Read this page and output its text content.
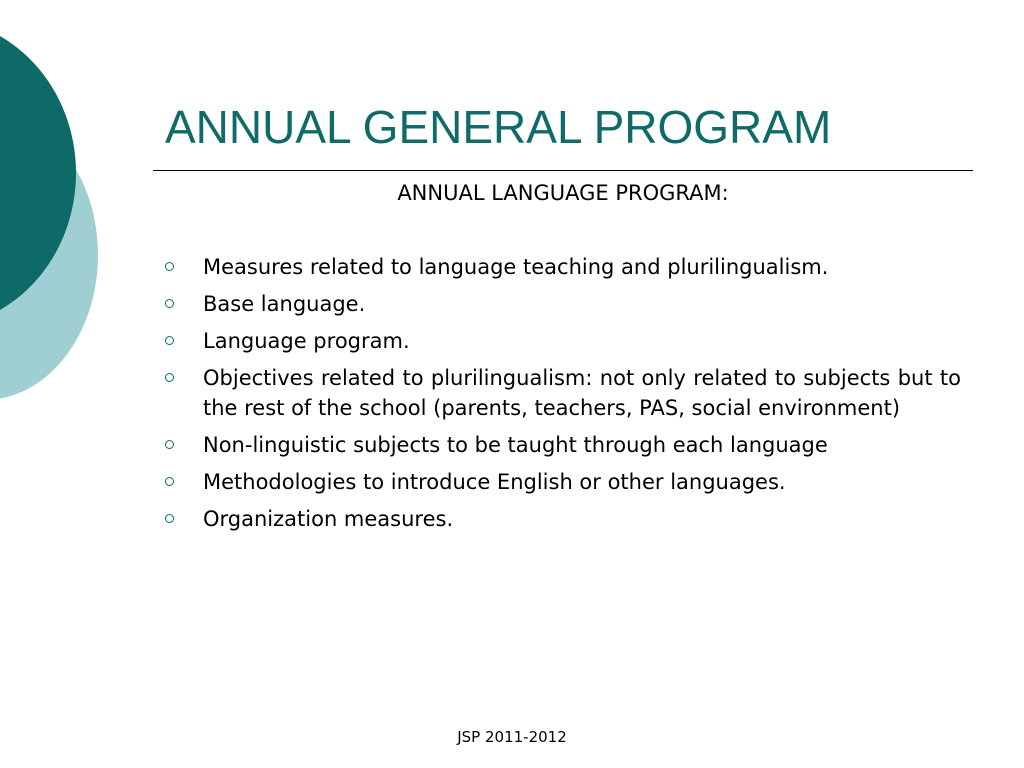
ANNUAL GENERAL PROGRAM

ANNUAL LANGUAGE PROGRAM:

Measures related to language teaching and plurilingualism.
Base language.
Language program.
Objectives related to plurilingualism: not only related to subjects but to the rest of the school (parents, teachers, PAS, social environment)
Non-linguistic subjects to be taught through each language
Methodologies to introduce English or other languages.
Organization measures.
JSP 2011-2012
